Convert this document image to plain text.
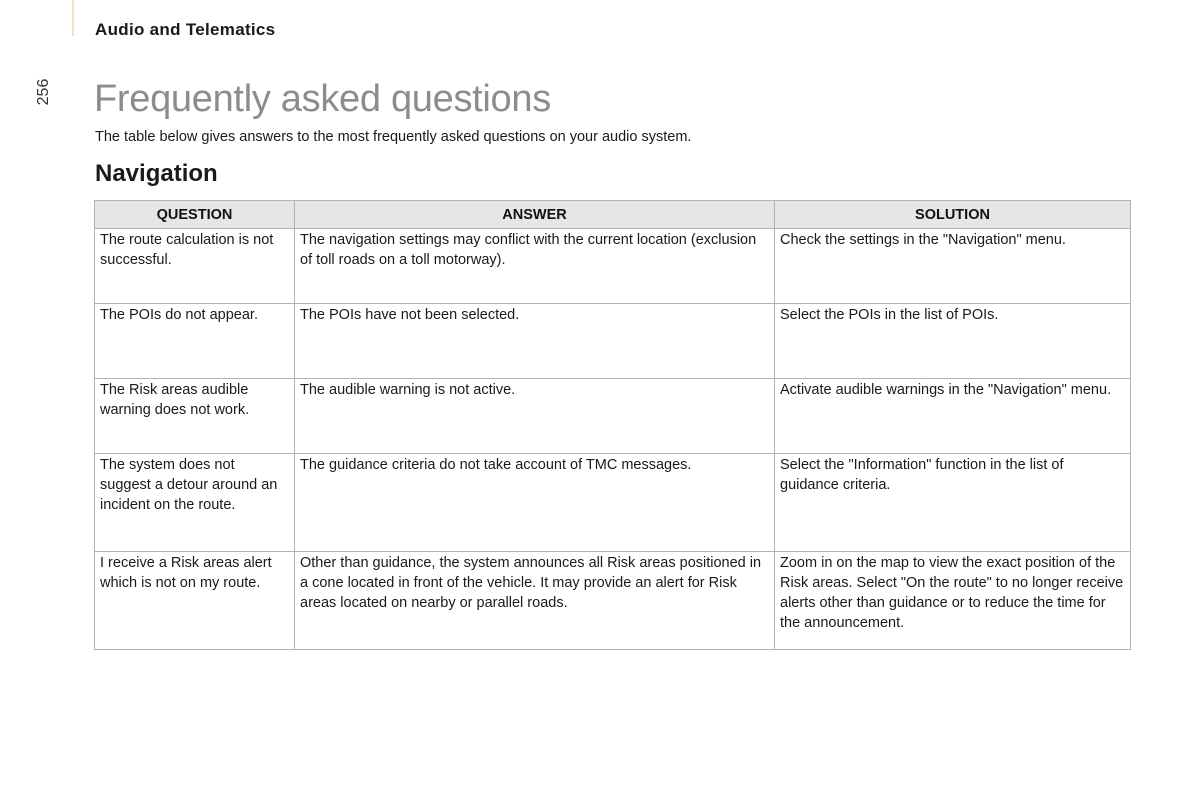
Audio and Telematics
256 Frequently asked questions

The table below gives answers to the most frequently asked questions on your audio system.

Navigation
QUESTION	ANSWER	SOLUTION
The route calculation is not successful.	The navigation settings may conflict with the current location (exclusion of toll roads on a toll motorway).	Check the settings in the "Navigation" menu.
The POIs do not appear.	The POIs have not been selected.	Select the POIs in the list of POIs.
The Risk areas audible warning does not work.	The audible warning is not active.	Activate audible warnings in the "Navigation" menu.
The system does not suggest a detour around an incident on the route.	The guidance criteria do not take account of TMC messages.	Select the "Information" function in the list of guidance criteria.
I receive a Risk areas alert which is not on my route.	Other than guidance, the system announces all Risk areas positioned in a cone located in front of the vehicle. It may provide an alert for Risk areas located on nearby or parallel roads.	Zoom in on the map to view the exact position of the Risk areas. Select "On the route" to no longer receive alerts other than guidance or to reduce the time for the announcement.
